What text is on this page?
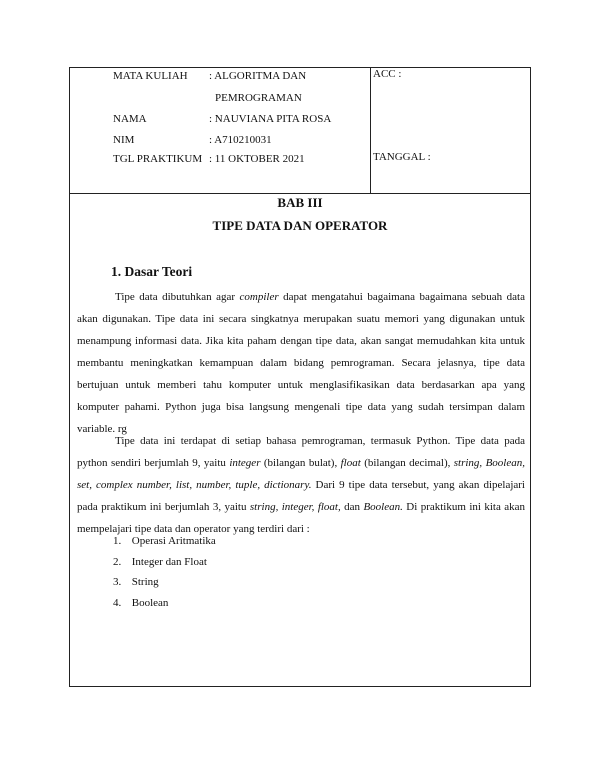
MATA KULIAH : ALGORITMA DAN
PEMROGRAMAN
NAMA	: NAUVIANA PITA ROSA
NIM	: A710210031
TGL PRAKTIKUM : 11 OKTOBER 2021
ACC :
TANGGAL :
BAB III
TIPE DATA DAN OPERATOR
1. Dasar Teori

Tipe data dibutuhkan agar compiler dapat mengatahui bagaimana bagaimana sebuah data akan digunakan. Tipe data ini secara singkatnya merupakan suatu memori yang digunakan untuk menampung informasi data. Jika kita paham dengan tipe data, akan sangat memudahkan kita untuk membantu meningkatkan kemampuan dalam bidang pemrograman. Secara jelasnya, tipe data bertujuan untuk memberi tahu komputer untuk menglasifikasikan data berdasarkan apa yang komputer pahami. Python juga bisa langsung mengenali tipe data yang sudah tersimpan dalam variable. rg

Tipe data ini terdapat di setiap bahasa pemrograman, termasuk Python. Tipe data pada python sendiri berjumlah 9, yaitu integer (bilangan bulat), float (bilangan decimal), string, Boolean, set, complex number, list, number, tuple, dictionary. Dari 9 tipe data tersebut, yang akan dipelajari pada praktikum ini berjumlah 3, yaitu string, integer, float, dan Boolean. Di praktikum ini kita akan mempelajari tipe data dan operator yang terdiri dari :

1. Operasi Aritmatika
2. Integer dan Float
3. String
4. Boolean
